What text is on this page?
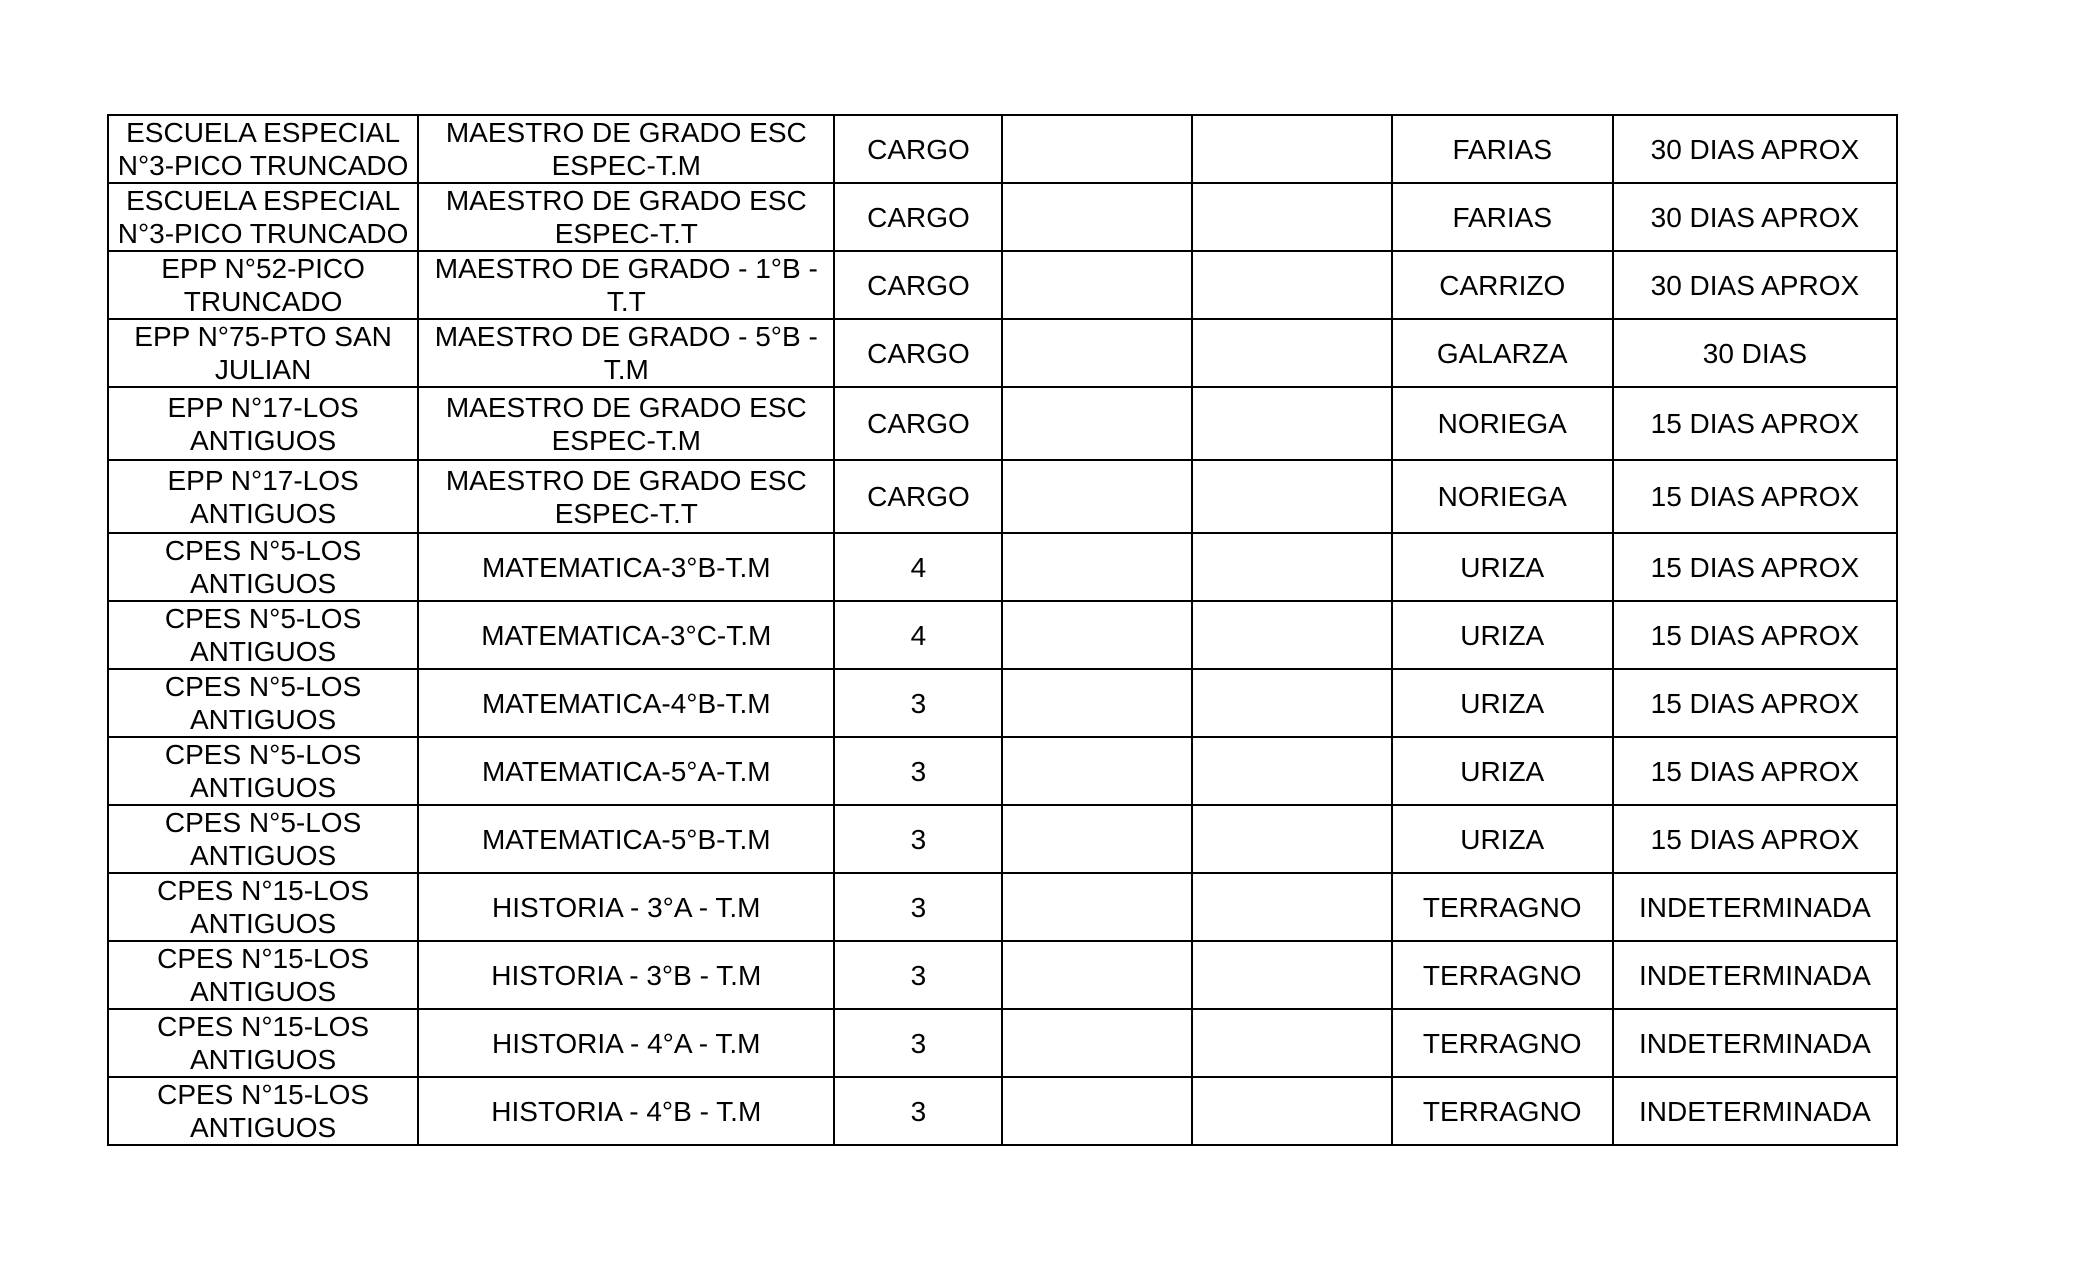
ESCUELA ESPECIAL N°3-PICO TRUNCADO	MAESTRO DE GRADO ESC ESPEC-T.M	CARGO			FARIAS	30 DIAS APROX
ESCUELA ESPECIAL N°3-PICO TRUNCADO	MAESTRO DE GRADO ESC ESPEC-T.T	CARGO			FARIAS	30 DIAS APROX
EPP N°52-PICO TRUNCADO	MAESTRO DE GRADO - 1°B - T.T	CARGO			CARRIZO	30 DIAS APROX
EPP N°75-PTO SAN JULIAN	MAESTRO DE GRADO - 5°B - T.M	CARGO			GALARZA	30 DIAS
EPP N°17-LOS ANTIGUOS	MAESTRO DE GRADO ESC ESPEC-T.M	CARGO			NORIEGA	15 DIAS APROX
EPP N°17-LOS ANTIGUOS	MAESTRO DE GRADO ESC ESPEC-T.T	CARGO			NORIEGA	15 DIAS APROX
CPES N°5-LOS ANTIGUOS	MATEMATICA-3°B-T.M	4			URIZA	15 DIAS APROX
CPES N°5-LOS ANTIGUOS	MATEMATICA-3°C-T.M	4			URIZA	15 DIAS APROX
CPES N°5-LOS ANTIGUOS	MATEMATICA-4°B-T.M	3			URIZA	15 DIAS APROX
CPES N°5-LOS ANTIGUOS	MATEMATICA-5°A-T.M	3			URIZA	15 DIAS APROX
CPES N°5-LOS ANTIGUOS	MATEMATICA-5°B-T.M	3			URIZA	15 DIAS APROX
CPES N°15-LOS ANTIGUOS	HISTORIA - 3°A - T.M	3			TERRAGNO	INDETERMINADA
CPES N°15-LOS ANTIGUOS	HISTORIA - 3°B - T.M	3			TERRAGNO	INDETERMINADA
CPES N°15-LOS ANTIGUOS	HISTORIA - 4°A - T.M	3			TERRAGNO	INDETERMINADA
CPES N°15-LOS ANTIGUOS	HISTORIA - 4°B - T.M	3			TERRAGNO	INDETERMINADA
